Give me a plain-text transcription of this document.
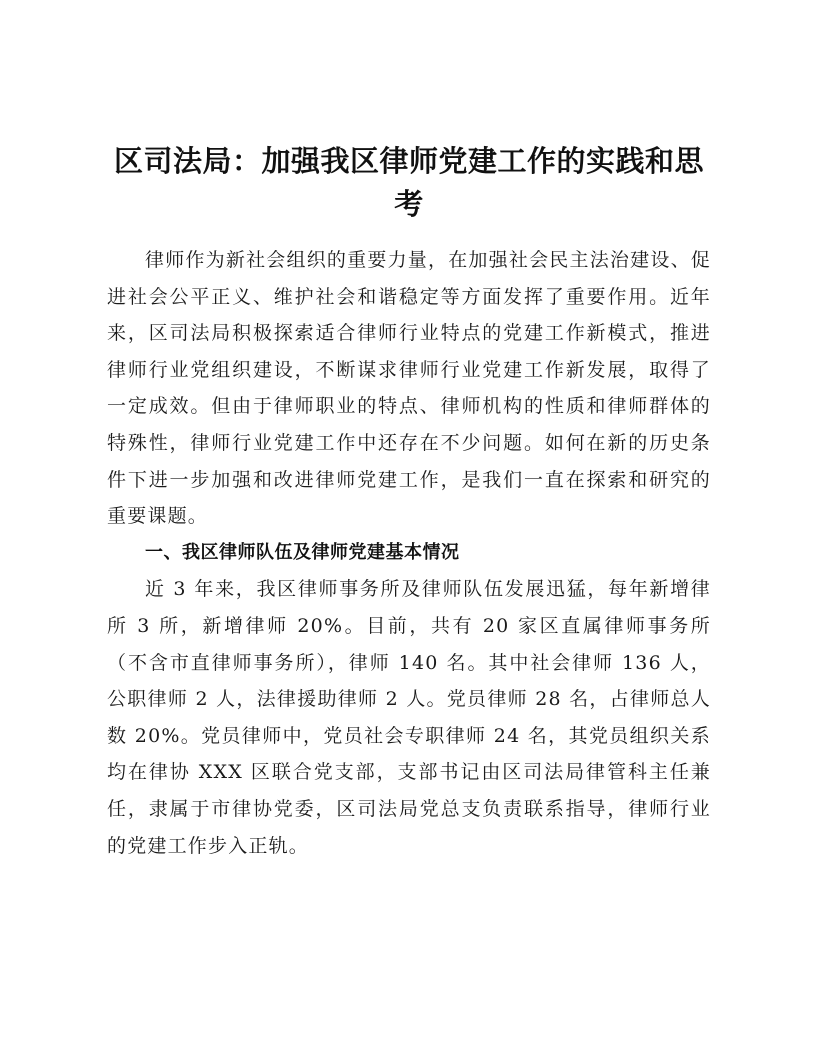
区司法局：加强我区律师党建工作的实践和思考

律师作为新社会组织的重要力量，在加强社会民主法治建设、促进社会公平正义、维护社会和谐稳定等方面发挥了重要作用。近年来，区司法局积极探索适合律师行业特点的党建工作新模式，推进律师行业党组织建设，不断谋求律师行业党建工作新发展，取得了一定成效。但由于律师职业的特点、律师机构的性质和律师群体的特殊性，律师行业党建工作中还存在不少问题。如何在新的历史条件下进一步加强和改进律师党建工作，是我们一直在探索和研究的重要课题。

一、我区律师队伍及律师党建基本情况

近 3 年来，我区律师事务所及律师队伍发展迅猛，每年新增律所 3 所，新增律师 20%。目前，共有 20 家区直属律师事务所（不含市直律师事务所），律师 140 名。其中社会律师 136 人，公职律师 2 人，法律援助律师 2 人。党员律师 28 名，占律师总人数 20%。党员律师中，党员社会专职律师 24 名，其党员组织关系均在律协 XXX 区联合党支部，支部书记由区司法局律管科主任兼任，隶属于市律协党委，区司法局党总支负责联系指导，律师行业的党建工作步入正轨。
